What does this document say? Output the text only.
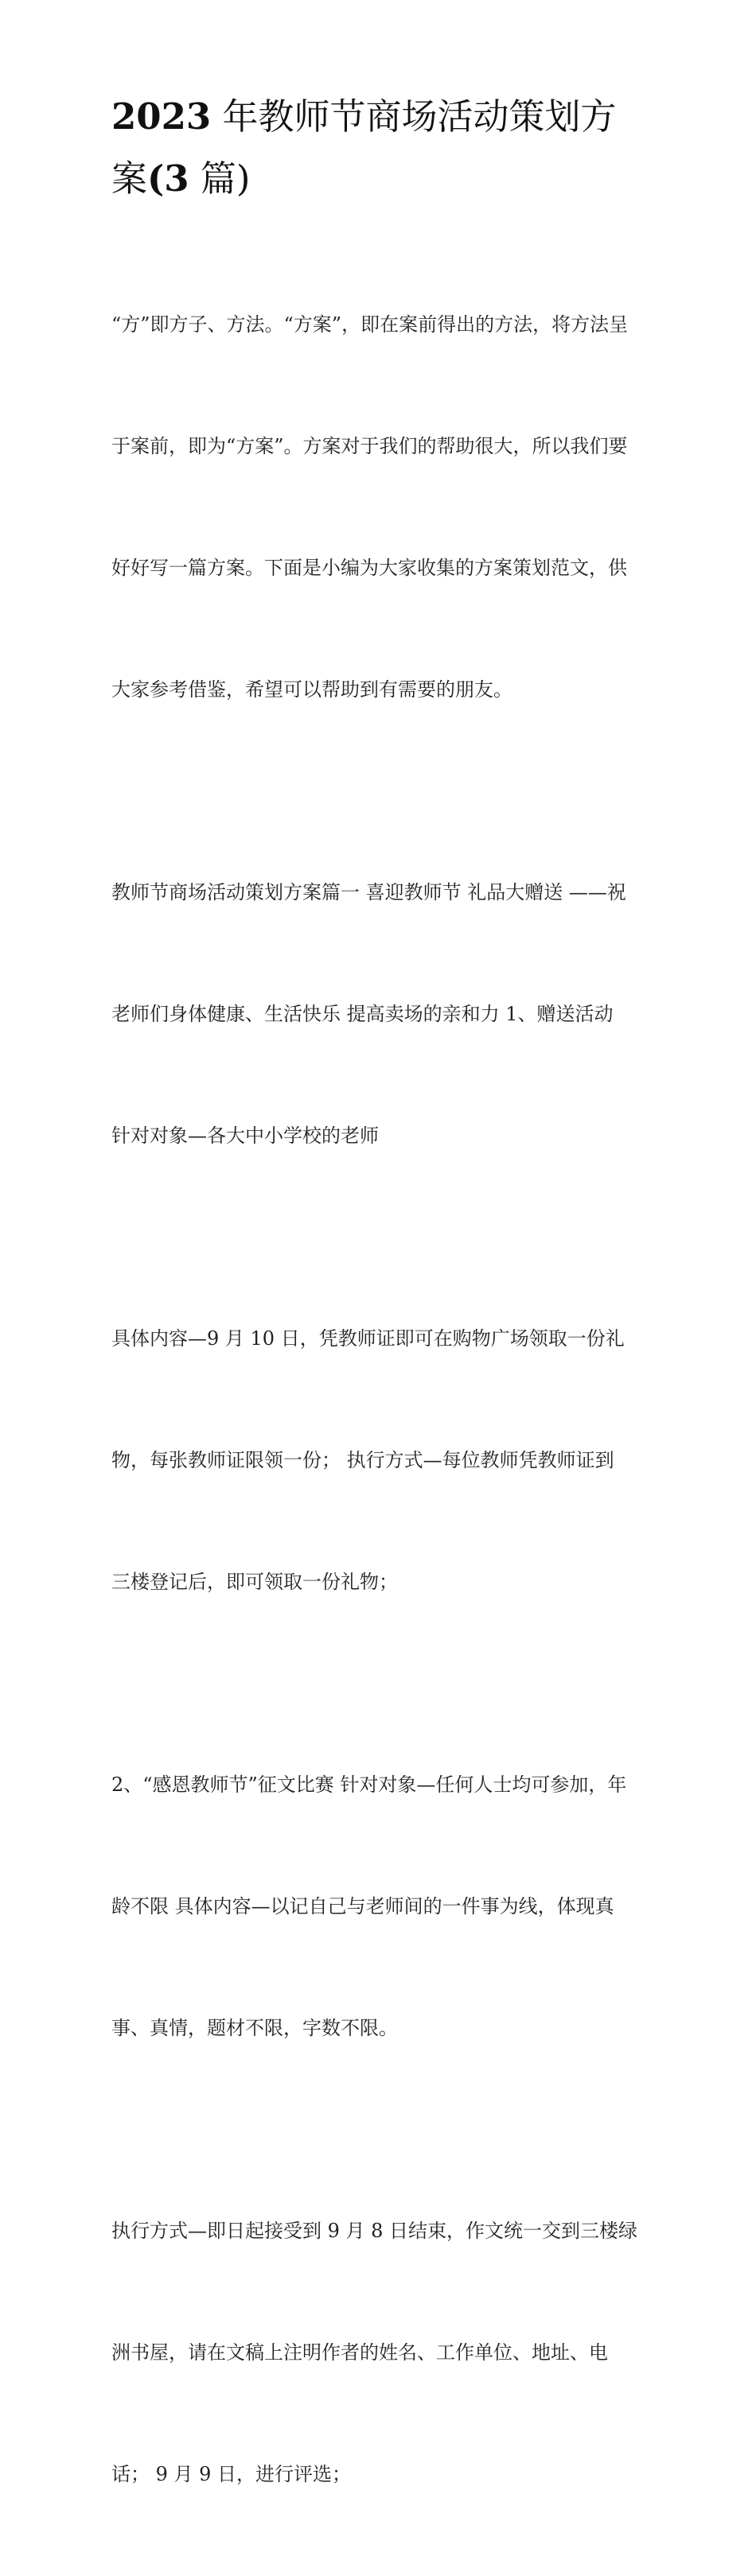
2023 年教师节商场活动策划方
案(3 篇)

“方”即方子、方法。“方案”，即在案前得出的方法，将方法呈

于案前，即为“方案”。方案对于我们的帮助很大，所以我们要

好好写一篇方案。下面是小编为大家收集的方案策划范文，供

大家参考借鉴，希望可以帮助到有需要的朋友。

教师节商场活动策划方案篇一 喜迎教师节 礼品大赠送 ——祝

老师们身体健康、生活快乐 提高卖场的亲和力 1、赠送活动

针对对象—各大中小学校的老师

具体内容—9 月 10 日，凭教师证即可在购物广场领取一份礼

物，每张教师证限领一份； 执行方式—每位教师凭教师证到

三楼登记后，即可领取一份礼物；

2、“感恩教师节”征文比赛 针对对象—任何人士均可参加，年

龄不限 具体内容—以记自己与老师间的一件事为线，体现真

事、真情，题材不限，字数不限。

执行方式—即日起接受到 9 月 8 日结束，作文统一交到三楼绿

洲书屋，请在文稿上注明作者的姓名、工作单位、地址、电

话； 9 月 9 日，进行评选；
